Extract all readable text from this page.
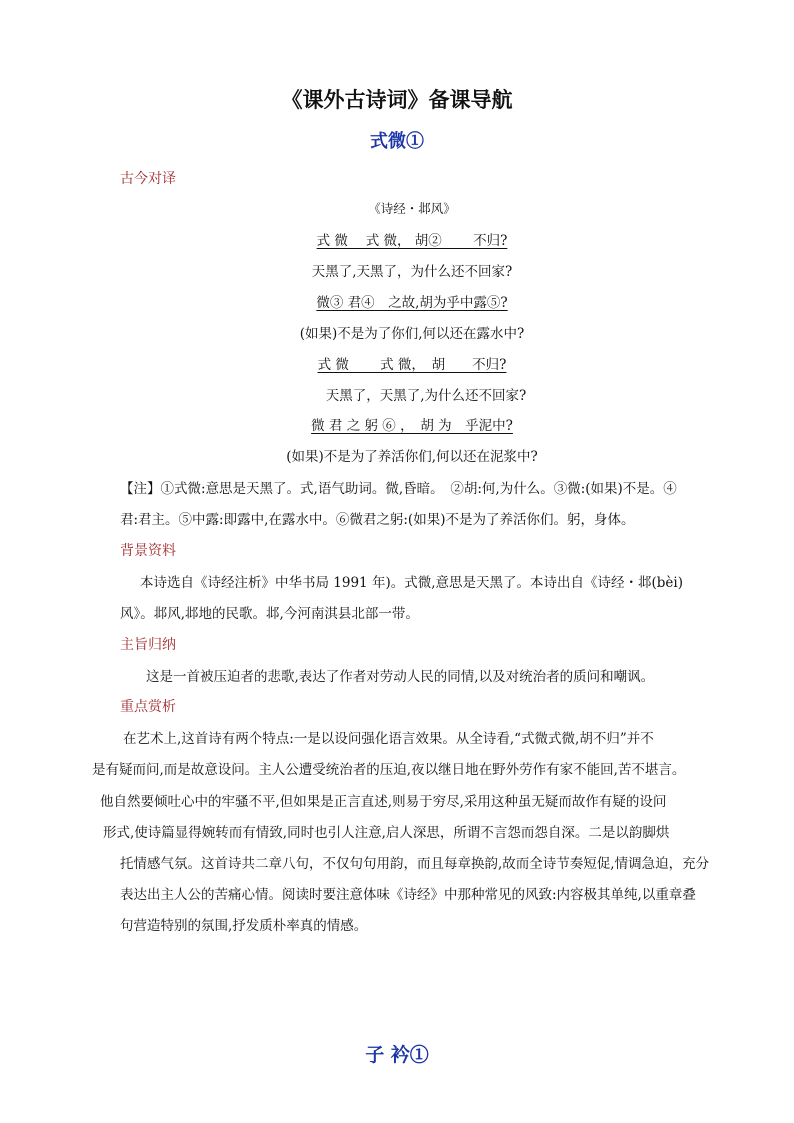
《课外古诗词》备课导航
式微①
古今对译
《诗经・邶风》
式 微　 式 微， 胡②　　 不归?
天黑了,天黑了，为什么还不回家?
微③ 君④　之故,胡为乎中露⑤?
(如果)不是为了你们,何以还在露水中?
式 微　　 式 微，　胡　　不归?
天黑了，天黑了,为什么还不回家?
微 君 之 躬 ⑥ ，　胡 为　乎泥中?
(如果)不是为了养活你们,何以还在泥浆中?
【注】①式微:意思是天黑了。式,语气助词。微,昏暗。　②胡:何,为什么。③微:(如果)不是。④
君:君主。⑤中露:即露中,在露水中。⑥微君之躬:(如果)不是为了养活你们。躬，身体。
背景资料
本诗选自《诗经注析》中华书局 1991 年)。式微,意思是天黑了。本诗出自《诗经・邶(bèi)
风》。邶风,邶地的民歌。邶,今河南淇县北部一带。
主旨归纳
这是一首被压迫者的悲歌,表达了作者对劳动人民的同情,以及对统治者的质问和嘲讽。
重点赏析
在艺术上,这首诗有两个特点:一是以设问强化语言效果。从全诗看,“式微式微,胡不归”并不
是有疑而问,而是故意设问。主人公遭受统治者的压迫,夜以继日地在野外劳作有家不能回,苦不堪言。
他自然要倾吐心中的牢骚不平,但如果是正言直述,则易于穷尽,采用这种虽无疑而故作有疑的设问
形式,使诗篇显得婉转而有情致,同时也引人注意,启人深思，所谓不言怨而怨自深。二是以韵脚烘
托情感气氛。这首诗共二章八句，不仅句句用韵，而且每章换韵,故而全诗节奏短促,情调急迫，充分
表达出主人公的苦痛心情。阅读时要注意体味《诗经》中那种常见的风致:内容极其单纯,以重章叠
句营造特别的氛围,抒发质朴率真的情感。
子 衿①
